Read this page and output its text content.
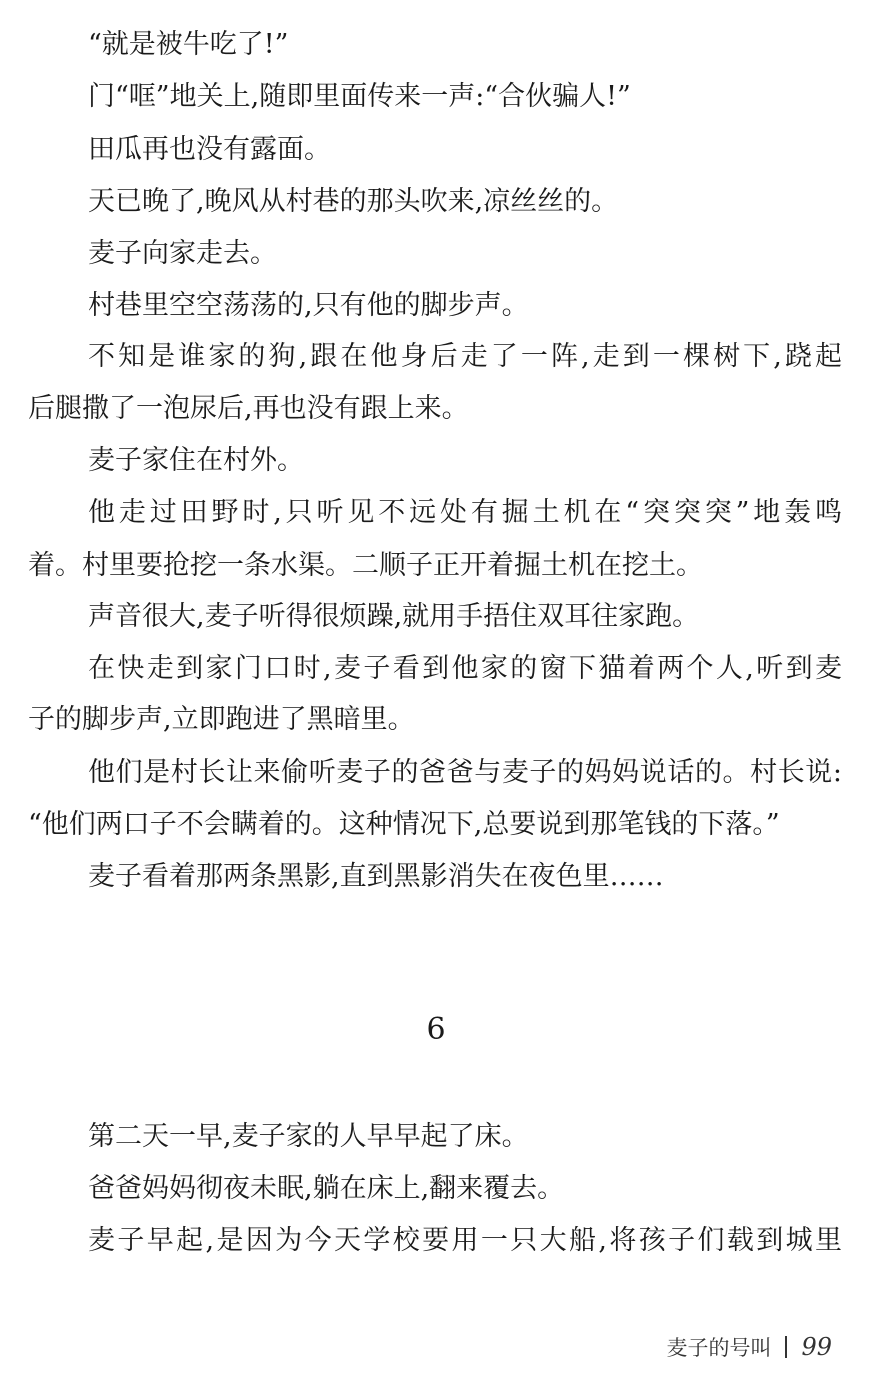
“就是被牛吃了!”
门“哐”地关上,随即里面传来一声:“合伙骗人!”
田瓜再也没有露面。
天已晚了,晚风从村巷的那头吹来,凉丝丝的。
麦子向家走去。
村巷里空空荡荡的,只有他的脚步声。
不知是谁家的狗,跟在他身后走了一阵,走到一棵树下,跷起
后腿撒了一泡尿后,再也没有跟上来。
麦子家住在村外。
他走过田野时,只听见不远处有掘土机在“突突突”地轰鸣
着。村里要抢挖一条水渠。二顺子正开着掘土机在挖土。
声音很大,麦子听得很烦躁,就用手捂住双耳往家跑。
在快走到家门口时,麦子看到他家的窗下猫着两个人,听到麦
子的脚步声,立即跑进了黑暗里。
他们是村长让来偷听麦子的爸爸与麦子的妈妈说话的。村长说:
“他们两口子不会瞒着的。这种情况下,总要说到那笔钱的下落。”
麦子看着那两条黑影,直到黑影消失在夜色里……
6
第二天一早,麦子家的人早早起了床。
爸爸妈妈彻夜未眠,躺在床上,翻来覆去。
麦子早起,是因为今天学校要用一只大船,将孩子们载到城里
麦子的号叫 99
